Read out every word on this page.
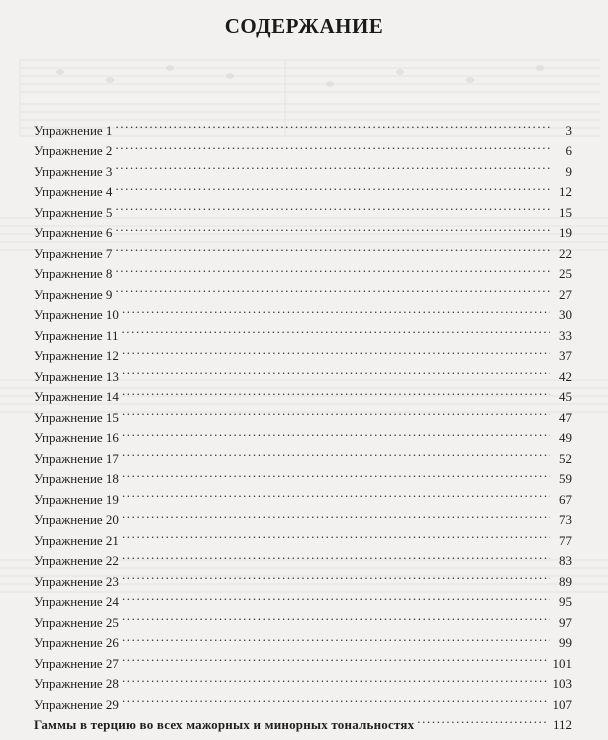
СОДЕРЖАНИЕ
Упражнение 1 .....	3
Упражнение 2 .....	6
Упражнение 3 .....	9
Упражнение 4 .....	12
Упражнение 5 .....	15
Упражнение 6 .....	19
Упражнение 7 .....	22
Упражнение 8 .....	25
Упражнение 9 .....	27
Упражнение 10 .....	30
Упражнение 11 .....	33
Упражнение 12 .....	37
Упражнение 13 .....	42
Упражнение 14 .....	45
Упражнение 15 .....	47
Упражнение 16 .....	49
Упражнение 17 .....	52
Упражнение 18 .....	59
Упражнение 19 .....	67
Упражнение 20 .....	73
Упражнение 21 .....	77
Упражнение 22 .....	83
Упражнение 23 .....	89
Упражнение 24 .....	95
Упражнение 25 .....	97
Упражнение 26 .....	99
Упражнение 27 .....	101
Упражнение 28 .....	103
Упражнение 29 .....	107
Гаммы в терцию во всех мажорных и минорных тональностях .....	112
